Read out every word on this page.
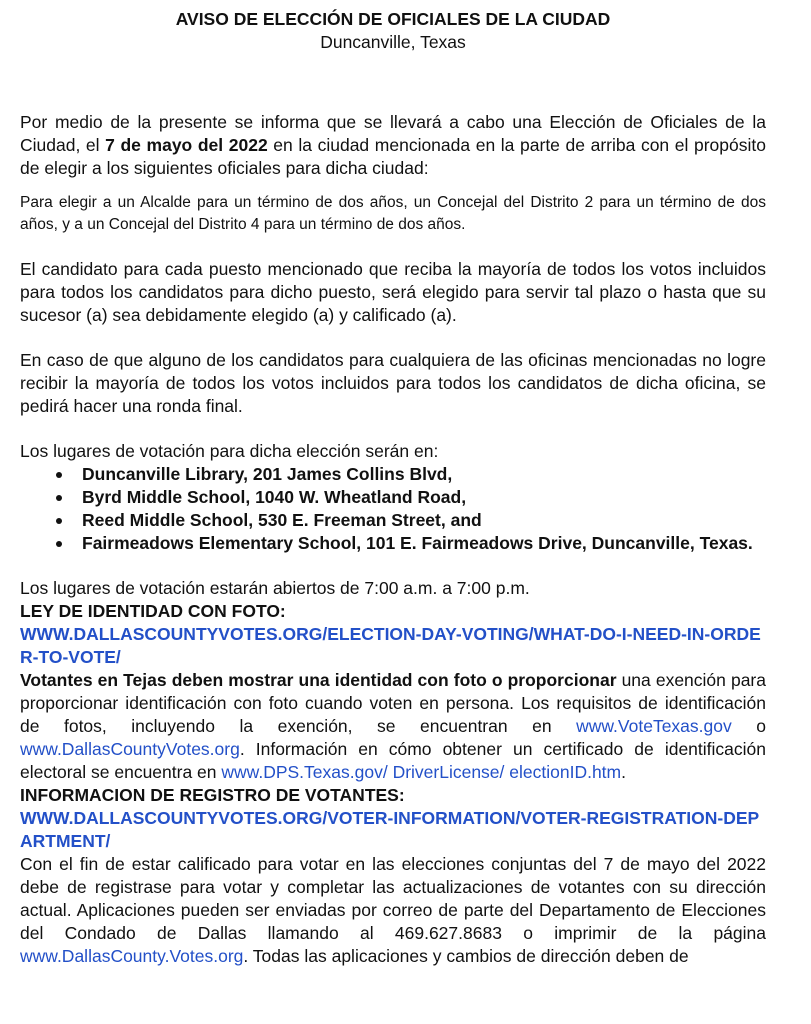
AVISO DE ELECCIÓN DE OFICIALES DE LA CIUDAD

Duncanville, Texas

Por medio de la presente se informa que se llevará a cabo una Elección de Oficiales de la Ciudad, el 7 de mayo del 2022 en la ciudad mencionada en la parte de arriba con el propósito de elegir a los siguientes oficiales para dicha ciudad:

Para elegir a un Alcalde para un término de dos años, un Concejal del Distrito 2 para un término de dos años, y a un Concejal del Distrito 4 para un término de dos años.

El candidato para cada puesto mencionado que reciba la mayoría de todos los votos incluidos para todos los candidatos para dicho puesto, será elegido para servir tal plazo o hasta que su sucesor (a) sea debidamente elegido (a) y calificado (a).

En caso de que alguno de los candidatos para cualquiera de las oficinas mencionadas no logre recibir la mayoría de todos los votos incluidos para todos los candidatos de dicha oficina, se pedirá hacer una ronda final.

Los lugares de votación para dicha elección serán en:

Duncanville Library, 201 James Collins Blvd,
Byrd Middle School, 1040 W. Wheatland Road,
Reed Middle School, 530 E. Freeman Street, and
Fairmeadows Elementary School, 101 E. Fairmeadows Drive, Duncanville, Texas.

Los lugares de votación estarán abiertos de 7:00 a.m. a 7:00 p.m.

LEY DE IDENTIDAD CON FOTO:

WWW.DALLASCOUNTYVOTES.ORG/ELECTION-DAY-VOTING/WHAT-DO-I-NEED-IN-ORDER-TO-VOTE/

Votantes en Tejas deben mostrar una identidad con foto o proporcionar una exención para proporcionar identificación con foto cuando voten en persona. Los requisitos de identificación de fotos, incluyendo la exención, se encuentran en www.VoteTexas.gov o www.DallasCountyVotes.org. Información en cómo obtener un certificado de identificación electoral se encuentra en www.DPS.Texas.gov/ DriverLicense/ electionID.htm.

INFORMACION DE REGISTRO DE VOTANTES:

WWW.DALLASCOUNTYVOTES.ORG/VOTER-INFORMATION/VOTER-REGISTRATION-DEPARTMENT/

Con el fin de estar calificado para votar en las elecciones conjuntas del 7 de mayo del 2022 debe de registrase para votar y completar las actualizaciones de votantes con su dirección actual. Aplicaciones pueden ser enviadas por correo de parte del Departamento de Elecciones del Condado de Dallas llamando al 469.627.8683 o imprimir de la página www.DallasCounty.Votes.org. Todas las aplicaciones y cambios de dirección deben de
